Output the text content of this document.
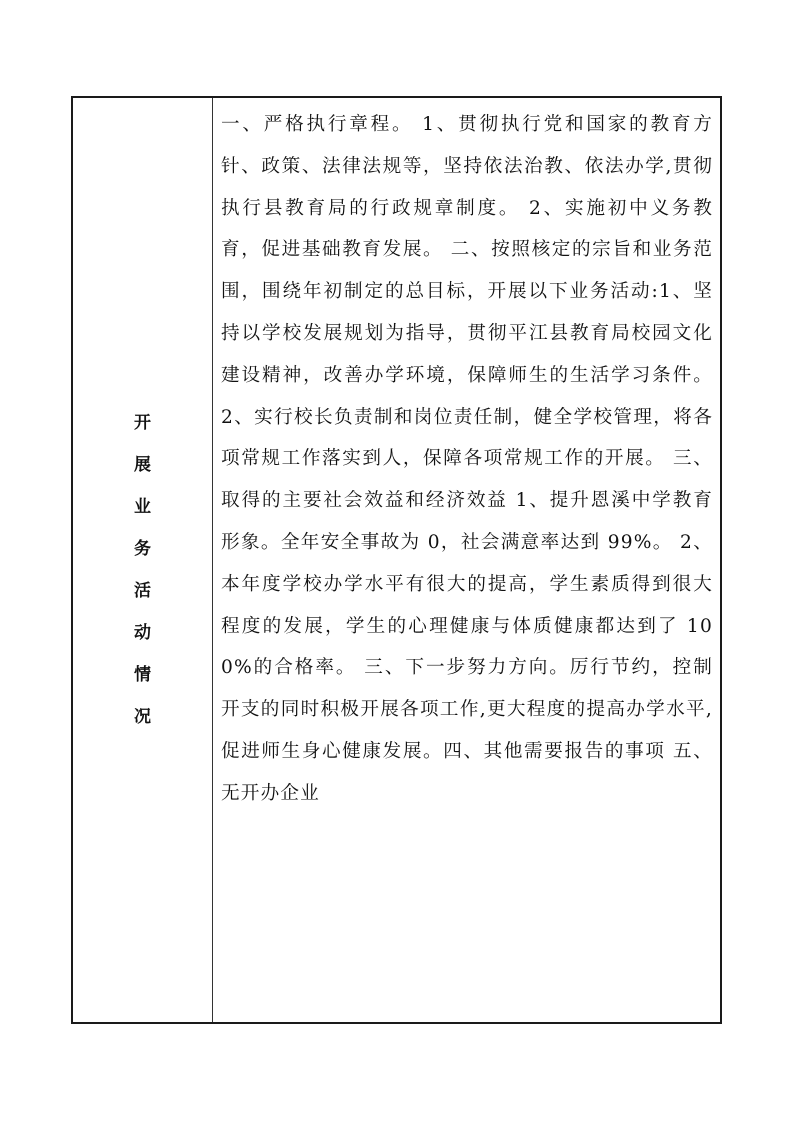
开
展
业
务
活
动
情
况

一、严格执行章程。 1、贯彻执行党和国家的教育方针、政策、法律法规等，坚持依法治教、依法办学,贯彻执行县教育局的行政规章制度。 2、实施初中义务教育，促进基础教育发展。 二、按照核定的宗旨和业务范围，围绕年初制定的总目标，开展以下业务活动:1、坚持以学校发展规划为指导，贯彻平江县教育局校园文化建设精神，改善办学环境，保障师生的生活学习条件。 2、实行校长负责制和岗位责任制，健全学校管理，将各项常规工作落实到人，保障各项常规工作的开展。 三、取得的主要社会效益和经济效益 1、提升恩溪中学教育形象。全年安全事故为 0，社会满意率达到 99%。 2、本年度学校办学水平有很大的提高，学生素质得到很大程度的发展，学生的心理健康与体质健康都达到了 100%的合格率。 三、下一步努力方向。厉行节约，控制开支的同时积极开展各项工作,更大程度的提高办学水平,促进师生身心健康发展。四、其他需要报告的事项 五、无开办企业
